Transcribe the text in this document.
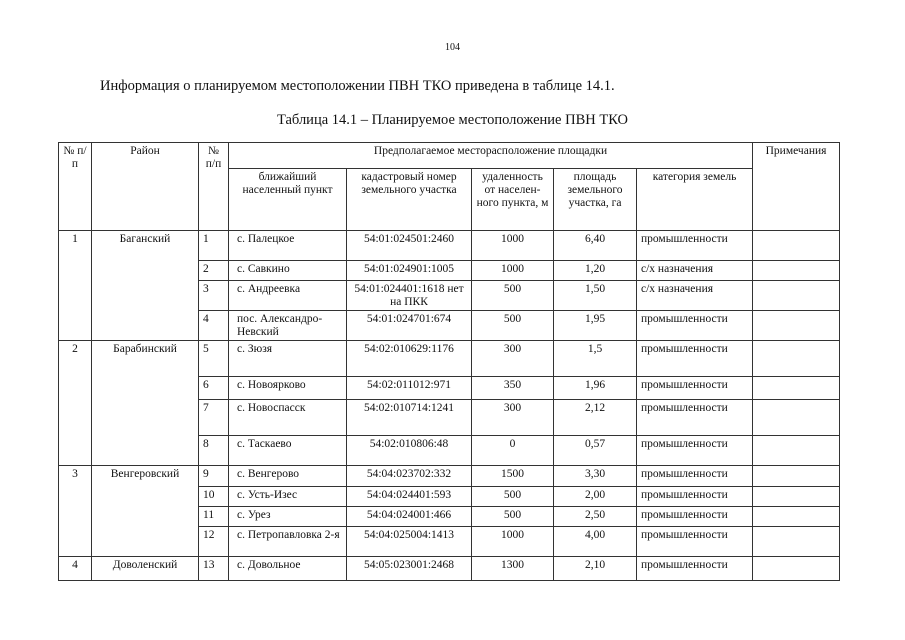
104
Информация о планируемом местоположении ПВН ТКО приведена в таблице 14.1.
Таблица 14.1 – Планируемое местоположение ПВН ТКО
№ п/п	Район	№ п/п	Предполагаемое месторасположение площадки					Примечания
			ближайший населенный пункт	кадастровый номер земельного участка	удаленность от населен-ного пункта, м	площадь земельного участка, га	категория земель	
1	Баганский	1	с. Палецкое	54:01:024501:2460	1000	6,40	промышленности	
		2	с. Савкино	54:01:024901:1005	1000	1,20	с/х назначения	
		3	с. Андреевка	54:01:024401:1618 нет на ПКК	500	1,50	с/х назначения	
		4	пос. Александро-Невский	54:01:024701:674	500	1,95	промышленности	
2	Барабинский	5	с. Зюзя	54:02:010629:1176	300	1,5	промышленности	
		6	с. Новоярково	54:02:011012:971	350	1,96	промышленности	
		7	с. Новоспасск	54:02:010714:1241	300	2,12	промышленности	
		8	с. Таскаево	54:02:010806:48	0	0,57	промышленности	
3	Венгеровский	9	с. Венгерово	54:04:023702:332	1500	3,30	промышленности	
		10	с. Усть-Изес	54:04:024401:593	500	2,00	промышленности	
		11	с. Урез	54:04:024001:466	500	2,50	промышленности	
		12	с. Петропавловка 2-я	54:04:025004:1413	1000	4,00	промышленности	
4	Доволенский	13	с. Довольное	54:05:023001:2468	1300	2,10	промышленности	
